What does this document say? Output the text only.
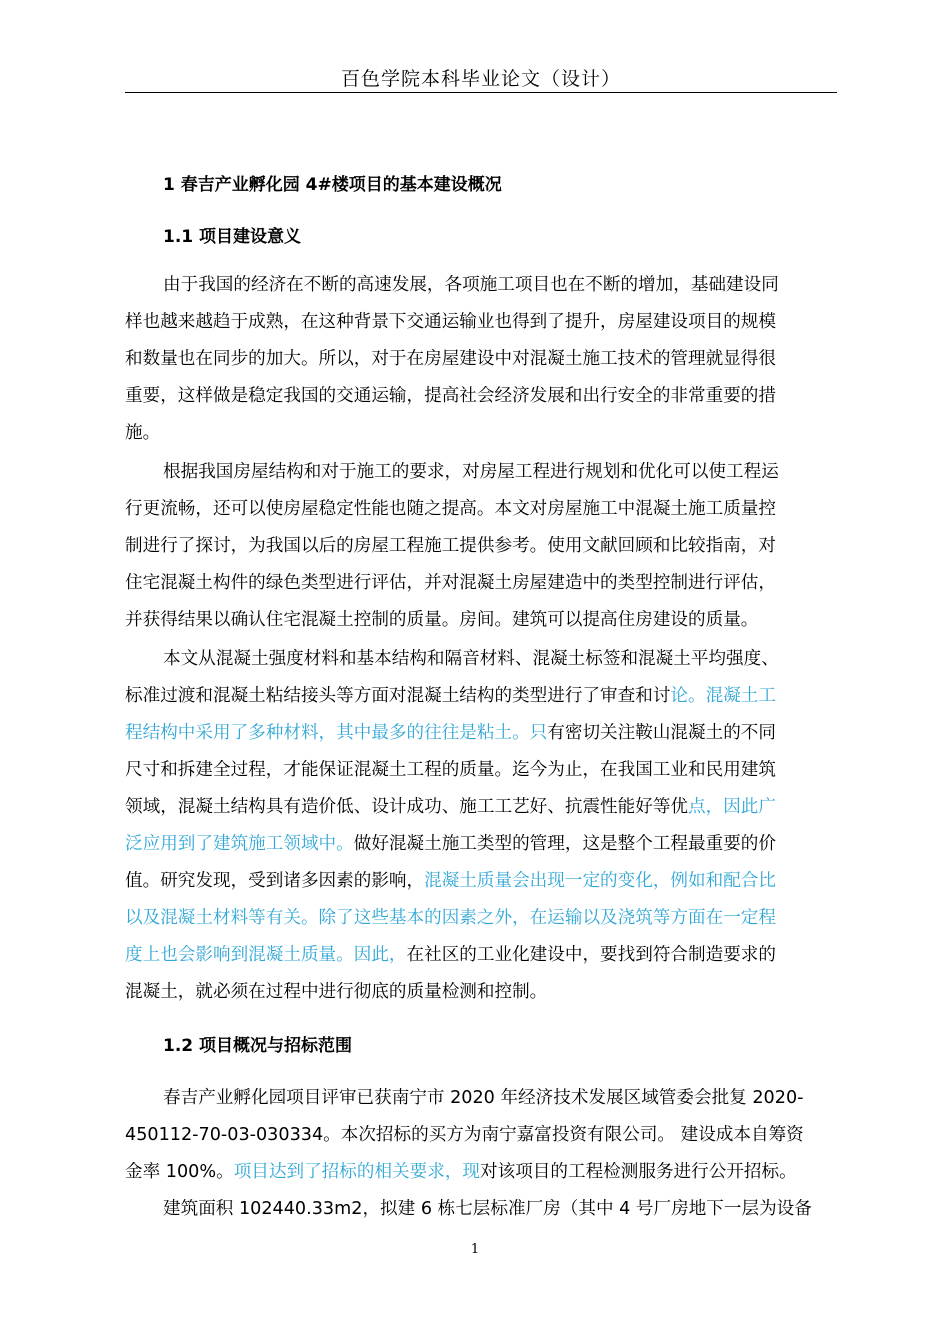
百色学院本科毕业论文（设计）
1 春吉产业孵化园 4#楼项目的基本建设概况
1.1 项目建设意义
由于我国的经济在不断的高速发展，各项施工项目也在不断的增加，基础建设同
样也越来越趋于成熟，在这种背景下交通运输业也得到了提升，房屋建设项目的规模
和数量也在同步的加大。所以，对于在房屋建设中对混凝土施工技术的管理就显得很
重要，这样做是稳定我国的交通运输，提高社会经济发展和出行安全的非常重要的措
施。
根据我国房屋结构和对于施工的要求，对房屋工程进行规划和优化可以使工程运
行更流畅，还可以使房屋稳定性能也随之提高。本文对房屋施工中混凝土施工质量控
制进行了探讨，为我国以后的房屋工程施工提供参考。使用文献回顾和比较指南，对
住宅混凝土构件的绿色类型进行评估，并对混凝土房屋建造中的类型控制进行评估，
并获得结果以确认住宅混凝土控制的质量。房间。建筑可以提高住房建设的质量。
本文从混凝土强度材料和基本结构和隔音材料、混凝土标签和混凝土平均强度、
标准过渡和混凝土粘结接头等方面对混凝土结构的类型进行了审查和讨论。混凝土工
程结构中采用了多种材料，其中最多的往往是粘土。只有密切关注鞍山混凝土的不同
尺寸和拆建全过程，才能保证混凝土工程的质量。迄今为止，在我国工业和民用建筑
领域，混凝土结构具有造价低、设计成功、施工工艺好、抗震性能好等优点，因此广
泛应用到了建筑施工领域中。做好混凝土施工类型的管理，这是整个工程最重要的价
值。研究发现，受到诸多因素的影响，混凝土质量会出现一定的变化，例如和配合比
以及混凝土材料等有关。除了这些基本的因素之外，在运输以及浇筑等方面在一定程
度上也会影响到混凝土质量。因此，在社区的工业化建设中，要找到符合制造要求的
混凝土，就必须在过程中进行彻底的质量检测和控制。
1.2 项目概况与招标范围
春吉产业孵化园项目评审已获南宁市 2020 年经济技术发展区域管委会批复 2020-
450112-70-03-030334。本次招标的买方为南宁嘉富投资有限公司。 建设成本自筹资
金率 100%。项目达到了招标的相关要求，现对该项目的工程检测服务进行公开招标。
建筑面积 102440.33m2，拟建 6 栋七层标准厂房（其中 4 号厂房地下一层为设备
1
